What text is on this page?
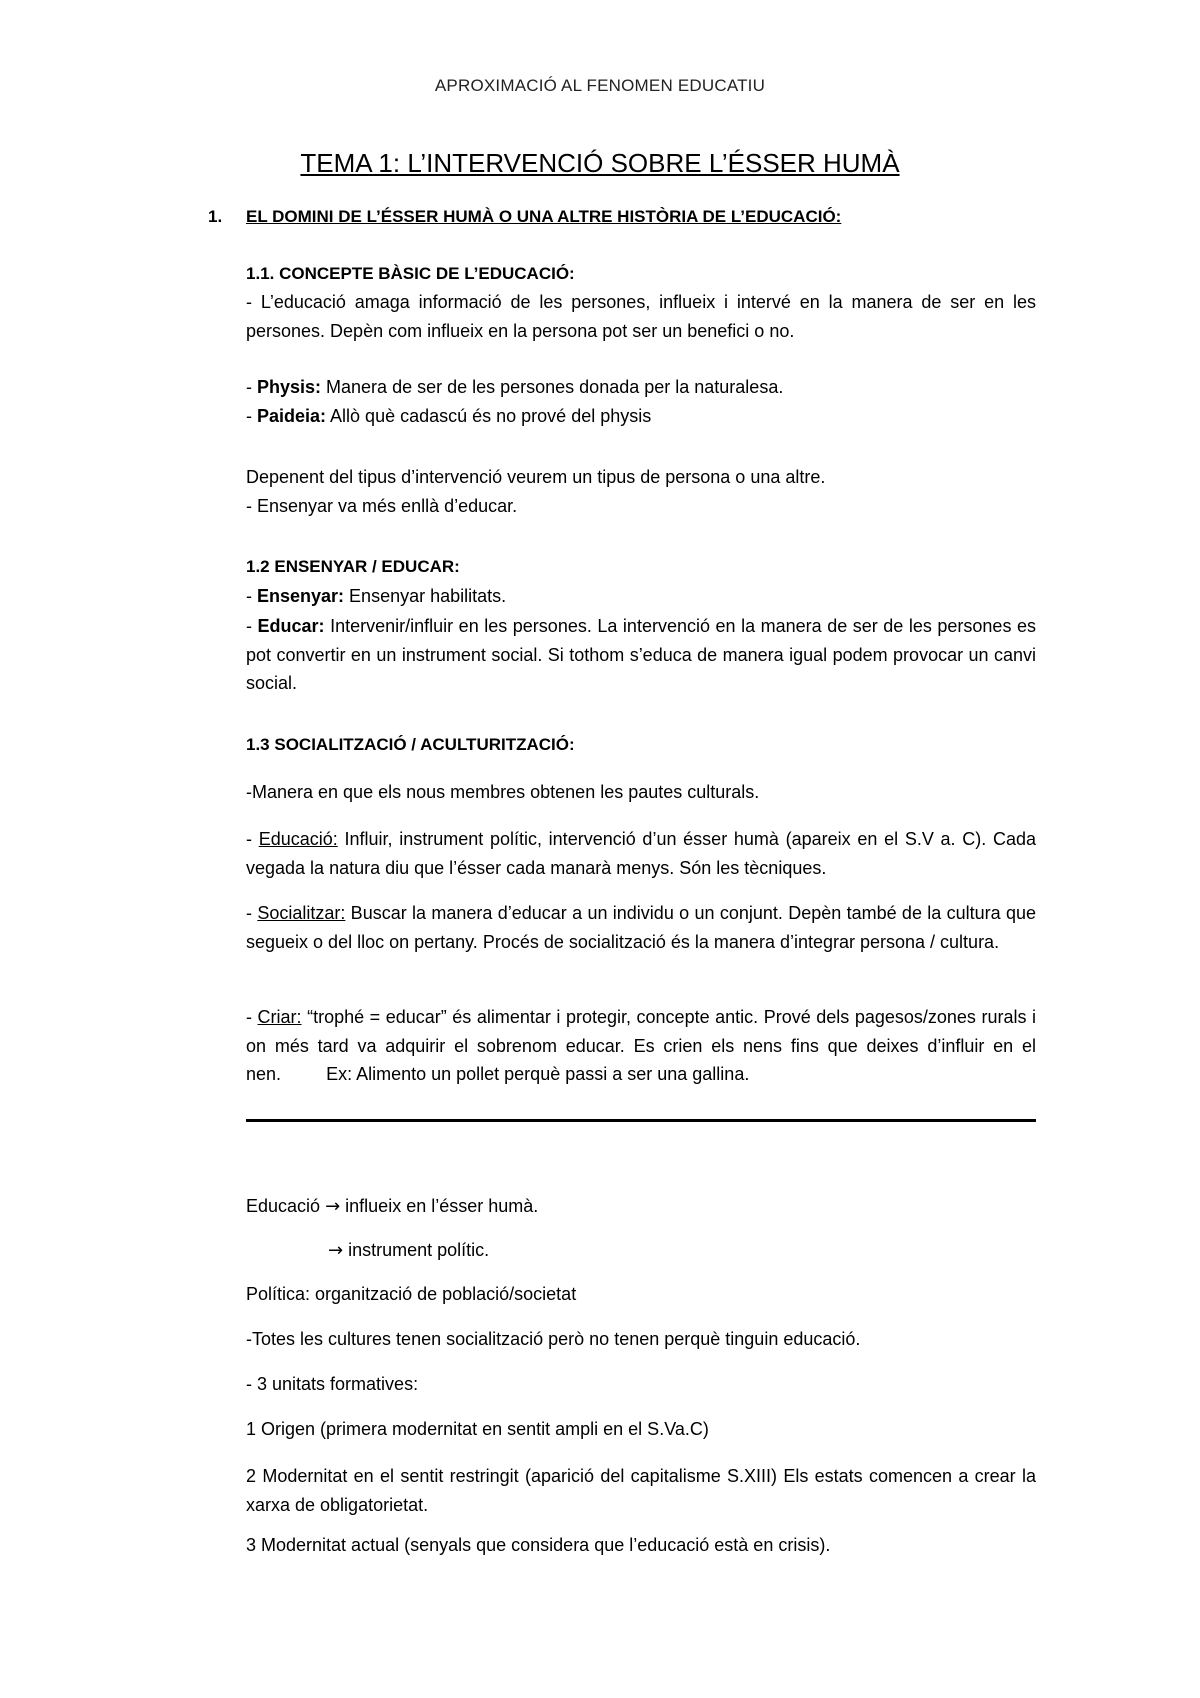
APROXIMACIÓ AL FENOMEN EDUCATIU
TEMA 1: L’INTERVENCIÓ SOBRE L’ÉSSER HUMÀ
1. EL DOMINI DE L’ÉSSER HUMÀ O UNA ALTRE HISTÒRIA DE L’EDUCACIÓ:
1.1. CONCEPTE BÀSIC DE L’EDUCACIÓ:
- L’educació amaga informació de les persones, influeix i intervé en la manera de ser en les persones. Depèn com influeix en la persona pot ser un benefici o no.
- Physis: Manera de ser de les persones donada per la naturalesa.
- Paideia: Allò què cadascú és no prové del physis
Depenent del tipus d’intervenció veurem un tipus de persona o una altre.
- Ensenyar va més enllà d’educar.
1.2 ENSENYAR / EDUCAR:
- Ensenyar: Ensenyar habilitats.
- Educar: Intervenir/influir en les persones. La intervenció en la manera de ser de les persones es pot convertir en un instrument social. Si tothom s’educa de manera igual podem provocar un canvi social.
1.3 SOCIALITZACIÓ / ACULTURITZACIÓ:
-Manera en que els nous membres obtenen les pautes culturals.
- Educació: Influir, instrument polític, intervenció d’un ésser humà (apareix en el S.V a. C). Cada vegada la natura diu que l’ésser cada manarà menys. Són les tècniques.
- Socialitzar: Buscar la manera d’educar a un individu o un conjunt. Depèn també de la cultura que segueix o del lloc on pertany. Procés de socialització és la manera d’integrar persona / cultura.
- Criar: “trophé = educar” és alimentar i protegir, concepte antic. Prové dels pagesos/zones rurals i on més tard va adquirir el sobrenom educar. Es crien els nens fins que deixes d’influir en el nen.	Ex: Alimento un pollet perquè passi a ser una gallina.
Educació → influeix en l’ésser humà.
→ instrument polític.
Política: organització de població/societat
-Totes les cultures tenen socialització però no tenen perquè tinguin educació.
- 3 unitats formatives:
1 Origen (primera modernitat en sentit ampli en el S.Va.C)
2 Modernitat en el sentit restringit (aparició del capitalisme S.XIII) Els estats comencen a crear la xarxa de obligatorietat.
3 Modernitat actual (senyals que considera que l’educació està en crisis).
